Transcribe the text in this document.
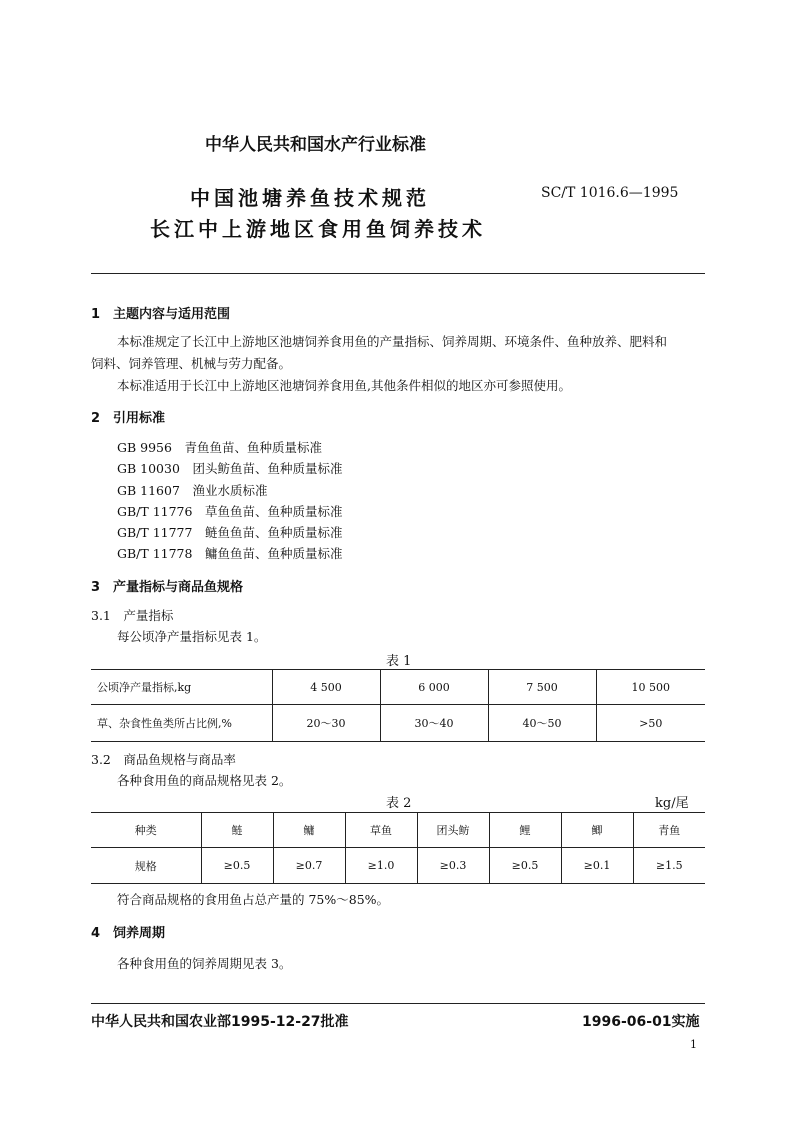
中华人民共和国水产行业标准
中国池塘养鱼技术规范
长江中上游地区食用鱼饲养技术
SC/T 1016.6—1995
1　主题内容与适用范围
本标准规定了长江中上游地区池塘饲养食用鱼的产量指标、饲养周期、环境条件、鱼种放养、肥料和
饲料、饲养管理、机械与劳力配备。
本标准适用于长江中上游地区池塘饲养食用鱼,其他条件相似的地区亦可参照使用。
2　引用标准
GB 9956　 青鱼鱼苗、鱼种质量标准
GB 10030　 团头鲂鱼苗、鱼种质量标准
GB 11607　 渔业水质标准
GB/T 11776　 草鱼鱼苗、鱼种质量标准
GB/T 11777　 鲢鱼鱼苗、鱼种质量标准
GB/T 11778　 鳙鱼鱼苗、鱼种质量标准
3　产量指标与商品鱼规格
3.1　产量指标
每公顷净产量指标见表 1。
表 1
公顷净产量指标,kg	4 500	6 000	7 500	10 500
草、杂食性鱼类所占比例,%	20～30	30～40	40～50	>50
3.2　商品鱼规格与商品率
各种食用鱼的商品规格见表 2。
表 2	kg/尾
种类	鲢	鳙	草鱼	团头鲂	鲤	鲫	青鱼
规格	≥0.5	≥0.7	≥1.0	≥0.3	≥0.5	≥0.1	≥1.5
符合商品规格的食用鱼占总产量的 75%～85%。
4　饲养周期
各种食用鱼的饲养周期见表 3。
中华人民共和国农业部1995-12-27批准	1996-06-01实施
1
